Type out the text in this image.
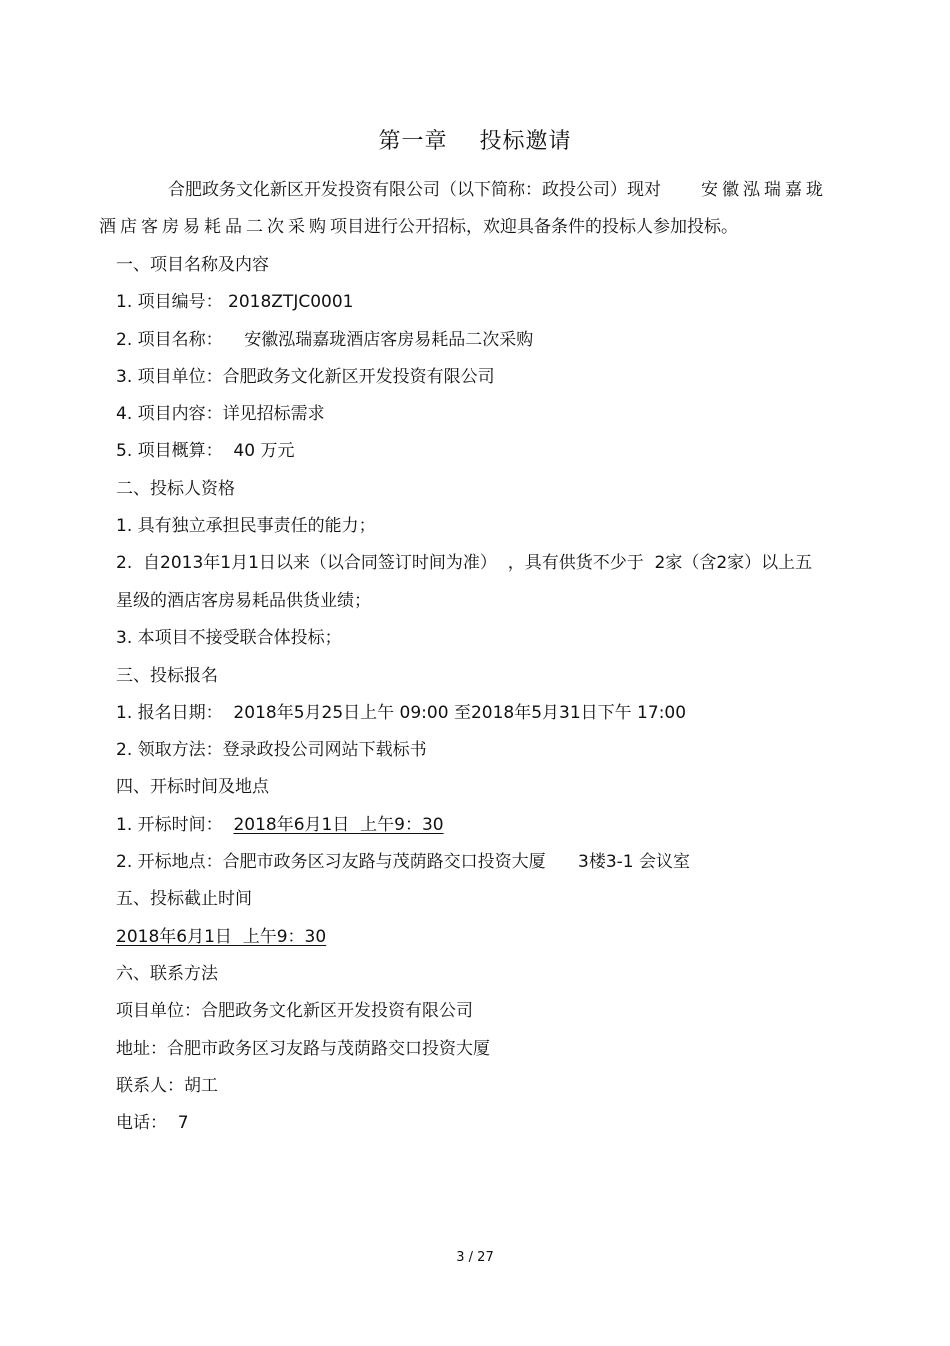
第一章    投标邀请
合肥政务文化新区开发投资有限公司（以下简称：政投公司）现对 安徽泓瑞嘉珑
酒店客房易耗品二次采购项目进行公开招标，欢迎具备条件的投标人参加投标。
一、项目名称及内容
1. 项目编号： 2018ZTJC0001
2. 项目名称：    安徽泓瑞嘉珑酒店客房易耗品二次采购
3. 项目单位：合肥政务文化新区开发投资有限公司
4. 项目内容：详见招标需求
5. 项目概算：  40 万元
二、投标人资格
1. 具有独立承担民事责任的能力；
2.  自2013年1月1日以来（以合同签订时间为准）  ，具有供货不少于  2家（含2家）以上五
星级的酒店客房易耗品供货业绩；
3. 本项目不接受联合体投标；
三、投标报名
1. 报名日期：  2018年5月25日上午 09:00 至2018年5月31日下午 17:00
2. 领取方法：登录政投公司网站下载标书
四、开标时间及地点
1. 开标时间：  2018年6月1日  上午9：30
2. 开标地点：合肥市政务区习友路与茂荫路交口投资大厦      3楼3-1 会议室
五、投标截止时间
2018年6月1日  上午9：30
六、联系方法
项目单位：合肥政务文化新区开发投资有限公司
地址：合肥市政务区习友路与茂荫路交口投资大厦
联系人：胡工
电话：  7
3 / 27
